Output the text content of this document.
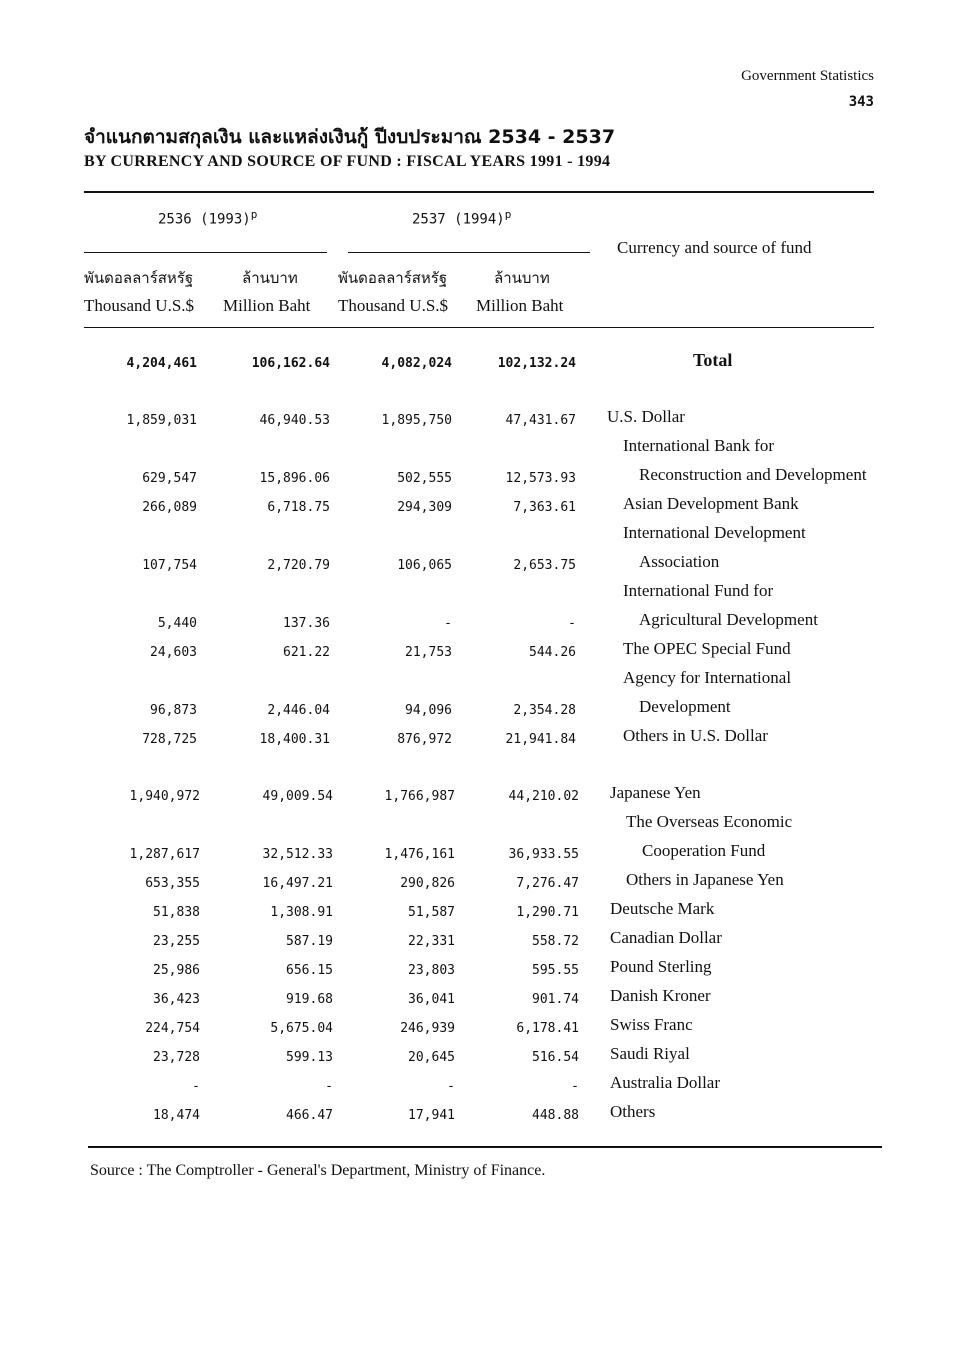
Government Statistics
343
จำแนกตามสกุลเงิน และแหล่งเงินกู้ ปีงบประมาณ 2534 - 2537
BY CURRENCY AND SOURCE OF FUND : FISCAL YEARS 1991 - 1994
2536 $(1993)^p$	2537 $(1994)^p$
Currency and source of fund
พันดอลลาร์สหรัฐ	ล้านบาท	พันดอลลาร์สหรัฐ	ล้านบาท
Thousand U.S.$ Million Baht Thousand U.S.$ Million Baht
4,204,461	106,162.64	4,082,024	102,132.24	Total
1,859,031	46,940.53	1,895,750	47,431.67 U.S. Dollar
International Bank for
629,547	15,896.06	502,555	12,573.93	Reconstruction and Development
266,089	6,718.75	294,309	7,363.61	Asian Development Bank
International Development
107,754	2,720.79	106,065	2,653.75	Association
International Fund for
5,440	137.36	-	-	Agricultural Development
24,603	621.22	21,753	544.26	The OPEC Special Fund
Agency for International
96,873	2,446.04	94,096	2,354.28	Development
728,725	18,400.31	876,972	21,941.84	Others in U.S. Dollar
1,940,972	49,009.54	1,766,987	44,210.02 Japanese Yen
The Overseas Economic
1,287,617	32,512.33	1,476,161	36,933.55	Cooperation Fund
653,355	16,497.21	290,826	7,276.47	Others in Japanese Yen
51,838	1,308.91	51,587	1,290.71 Deutsche Mark
23,255	587.19	22,331	558.72 Canadian Dollar
25,986	656.15	23,803	595.55 Pound Sterling
36,423	919.68	36,041	901.74 Danish Kroner
224,754	5,675.04	246,939	6,178.41 Swiss Franc
23,728	599.13	20,645	516.54 Saudi Riyal
-	-	-	- Australia Dollar
18,474	466.47	17,941	448.88 Others
Source : The Comptroller - General's Department, Ministry of Finance.
